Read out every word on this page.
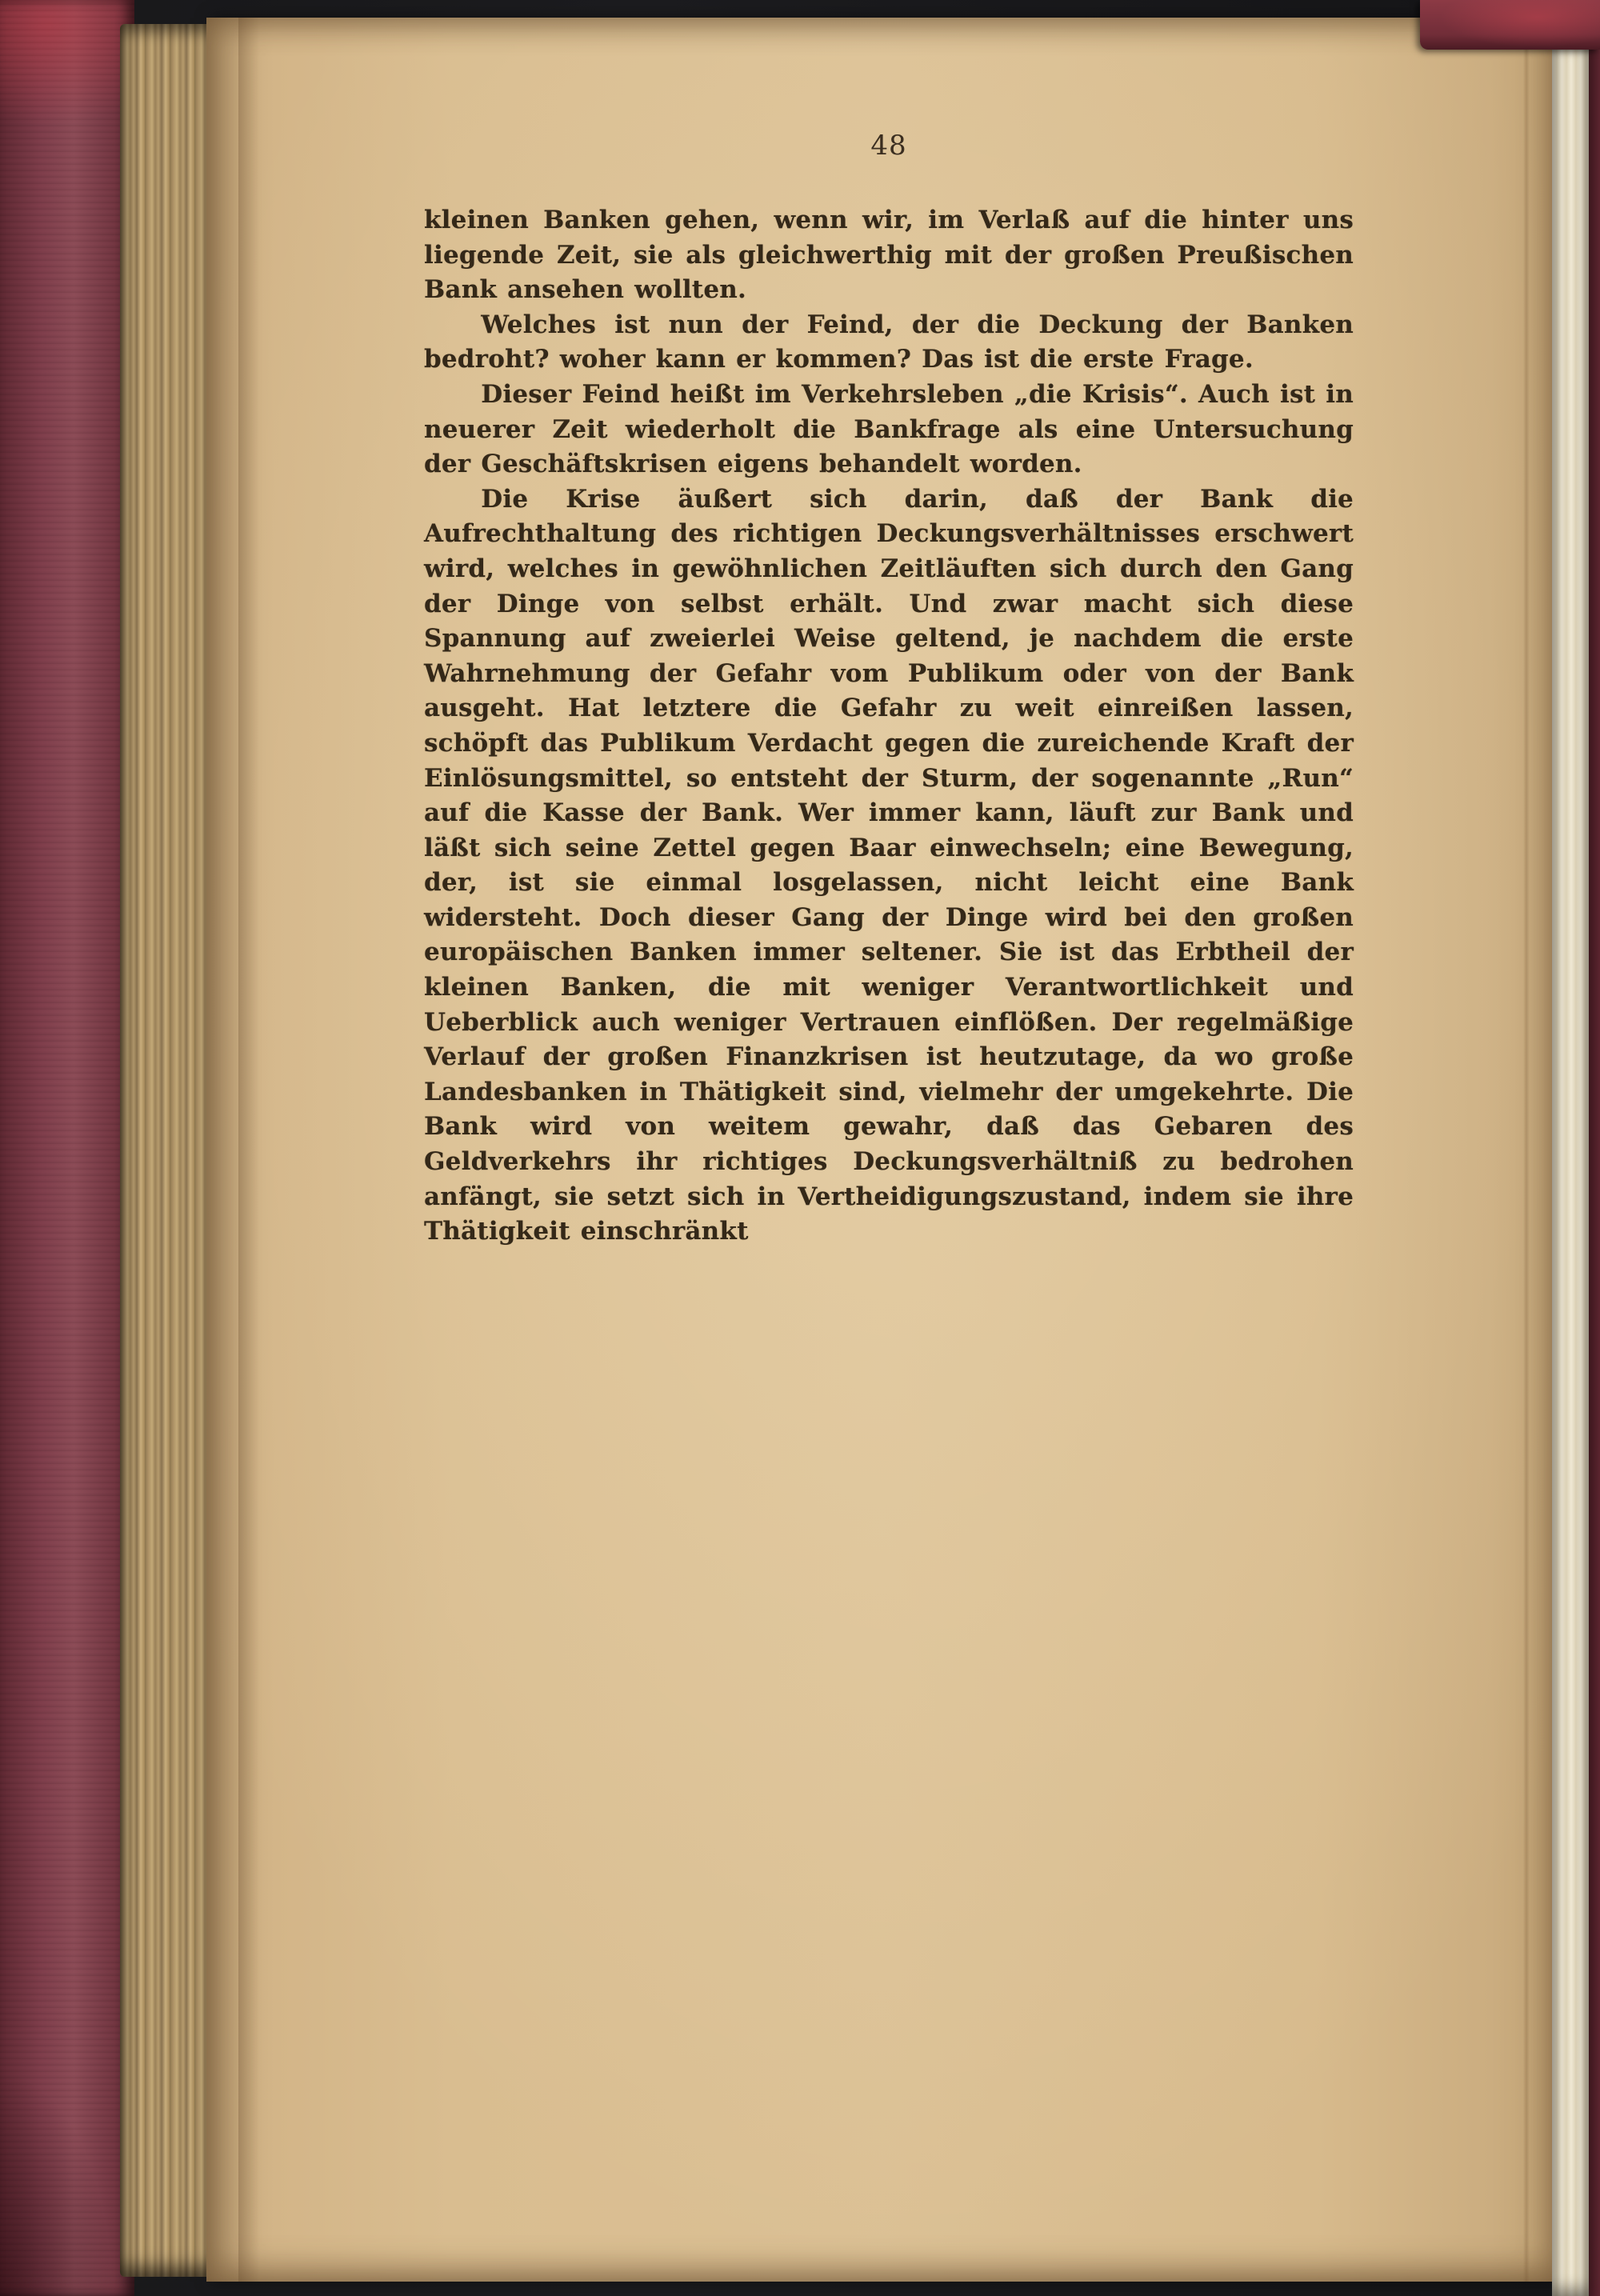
48

kleinen Banken gehen, wenn wir, im Verlaß auf die hinter uns liegende Zeit, sie als gleichwerthig mit der großen Preußischen Bank ansehen wollten.

Welches ist nun der Feind, der die Deckung der Banken bedroht? woher kann er kommen? Das ist die erste Frage.

Dieser Feind heißt im Verkehrsleben „die Krisis“. Auch ist in neuerer Zeit wiederholt die Bankfrage als eine Untersuchung der Geschäftskrisen eigens behandelt worden.

Die Krise äußert sich darin, daß der Bank die Aufrechthaltung des richtigen Deckungsverhältnisses erschwert wird, welches in gewöhnlichen Zeitläuften sich durch den Gang der Dinge von selbst erhält. Und zwar macht sich diese Spannung auf zweierlei Weise geltend, je nachdem die erste Wahrnehmung der Gefahr vom Publikum oder von der Bank ausgeht. Hat letztere die Gefahr zu weit einreißen lassen, schöpft das Publikum Verdacht gegen die zureichende Kraft der Einlösungsmittel, so entsteht der Sturm, der sogenannte „Run“ auf die Kasse der Bank. Wer immer kann, läuft zur Bank und läßt sich seine Zettel gegen Baar einwechseln; eine Bewegung, der, ist sie einmal losgelassen, nicht leicht eine Bank widersteht. Doch dieser Gang der Dinge wird bei den großen europäischen Banken immer seltener. Sie ist das Erbtheil der kleinen Banken, die mit weniger Verantwortlichkeit und Ueberblick auch weniger Vertrauen einflößen. Der regelmäßige Verlauf der großen Finanzkrisen ist heutzutage, da wo große Landesbanken in Thätigkeit sind, vielmehr der umgekehrte. Die Bank wird von weitem gewahr, daß das Gebaren des Geldverkehrs ihr richtiges Deckungsverhältniß zu bedrohen anfängt, sie setzt sich in Vertheidigungszustand, indem sie ihre Thätigkeit einschränkt
